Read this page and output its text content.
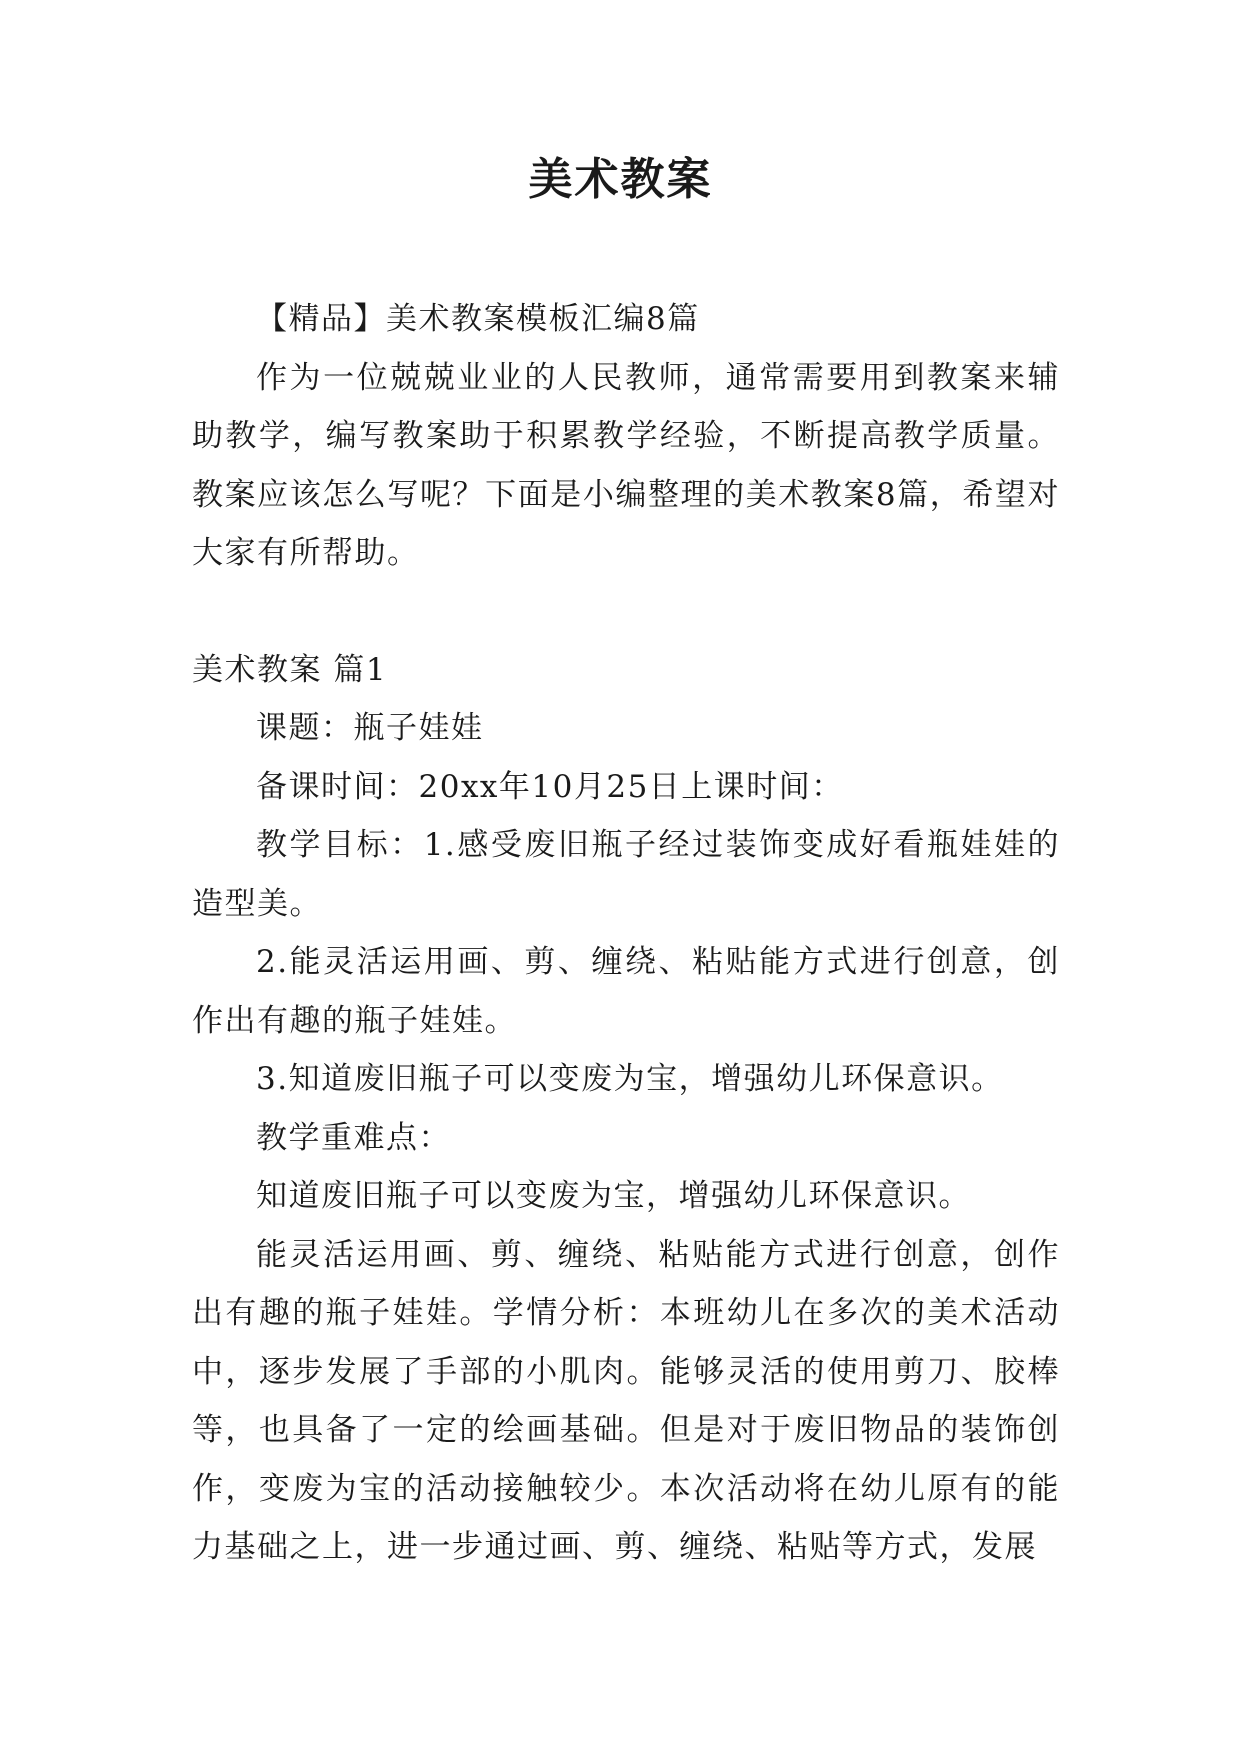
美术教案

【精品】美术教案模板汇编8篇

作为一位兢兢业业的人民教师，通常需要用到教案来辅助教学，编写教案助于积累教学经验，不断提高教学质量。教案应该怎么写呢？下面是小编整理的美术教案8篇，希望对大家有所帮助。

美术教案 篇1

课题：瓶子娃娃

备课时间：20xx年10月25日上课时间：

教学目标：1.感受废旧瓶子经过装饰变成好看瓶娃娃的造型美。

2.能灵活运用画、剪、缠绕、粘贴能方式进行创意，创作出有趣的瓶子娃娃。

3.知道废旧瓶子可以变废为宝，增强幼儿环保意识。

教学重难点：

知道废旧瓶子可以变废为宝，增强幼儿环保意识。

能灵活运用画、剪、缠绕、粘贴能方式进行创意，创作出有趣的瓶子娃娃。学情分析：本班幼儿在多次的美术活动中，逐步发展了手部的小肌肉。能够灵活的使用剪刀、胶棒等，也具备了一定的绘画基础。但是对于废旧物品的装饰创作，变废为宝的活动接触较少。本次活动将在幼儿原有的能力基础之上，进一步通过画、剪、缠绕、粘贴等方式，发展
